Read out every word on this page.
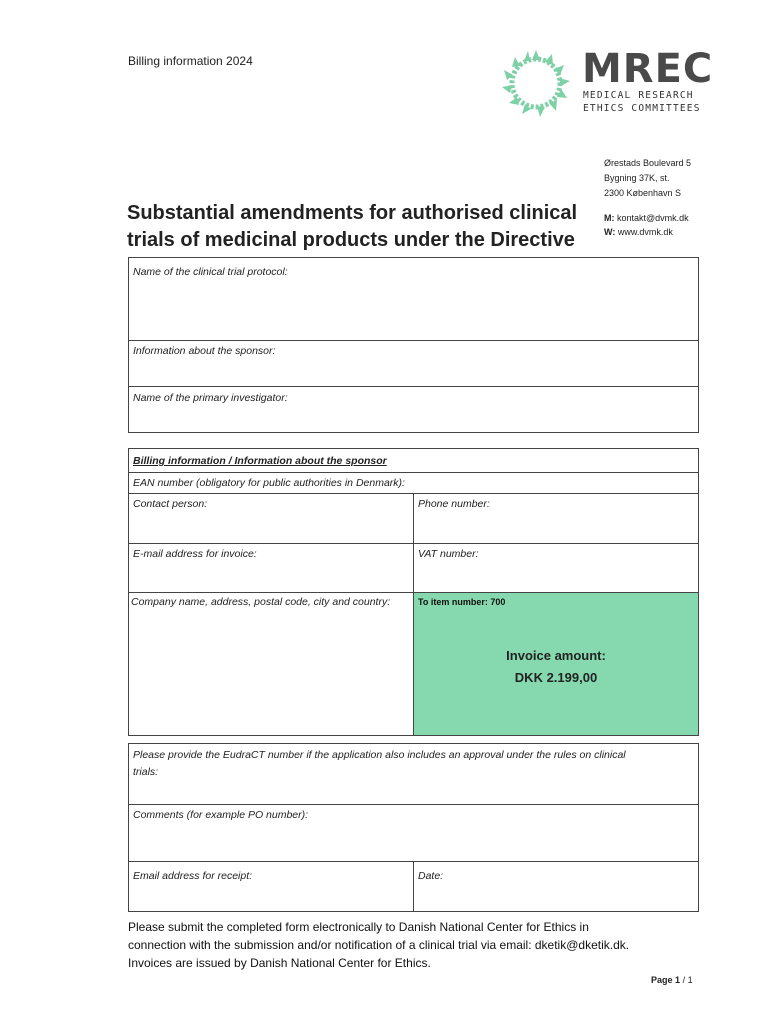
Billing information 2024	MREC
MEDICAL RESEARCH
ETHICS COMMITTEES
Ørestads Boulevard 5
Bygning 37K, st.
2300 København S
M: kontakt@dvmk.dk
W: www.dvmk.dk
Substantial amendments for authorised clinical
trials of medicinal products under the Directive
Name of the clinical trial protocol:
Information about the sponsor:
Name of the primary investigator:
Billing information / Information about the sponsor
EAN number (obligatory for public authorities in Denmark):
Contact person:	Phone number:
E-mail address for invoice:	VAT number:
Company name, address, postal code, city and country:	To item number: 700
Invoice amount:
DKK 2.199,00
Please provide the EudraCT number if the application also includes an approval under the rules on clinical
trials:
Comments (for example PO number):
Email address for receipt:	Date:
Please submit the completed form electronically to Danish National Center for Ethics in
connection with the submission and/or notification of a clinical trial via email: dketik@dketik.dk.
Invoices are issued by Danish National Center for Ethics.
Page 1 / 1
